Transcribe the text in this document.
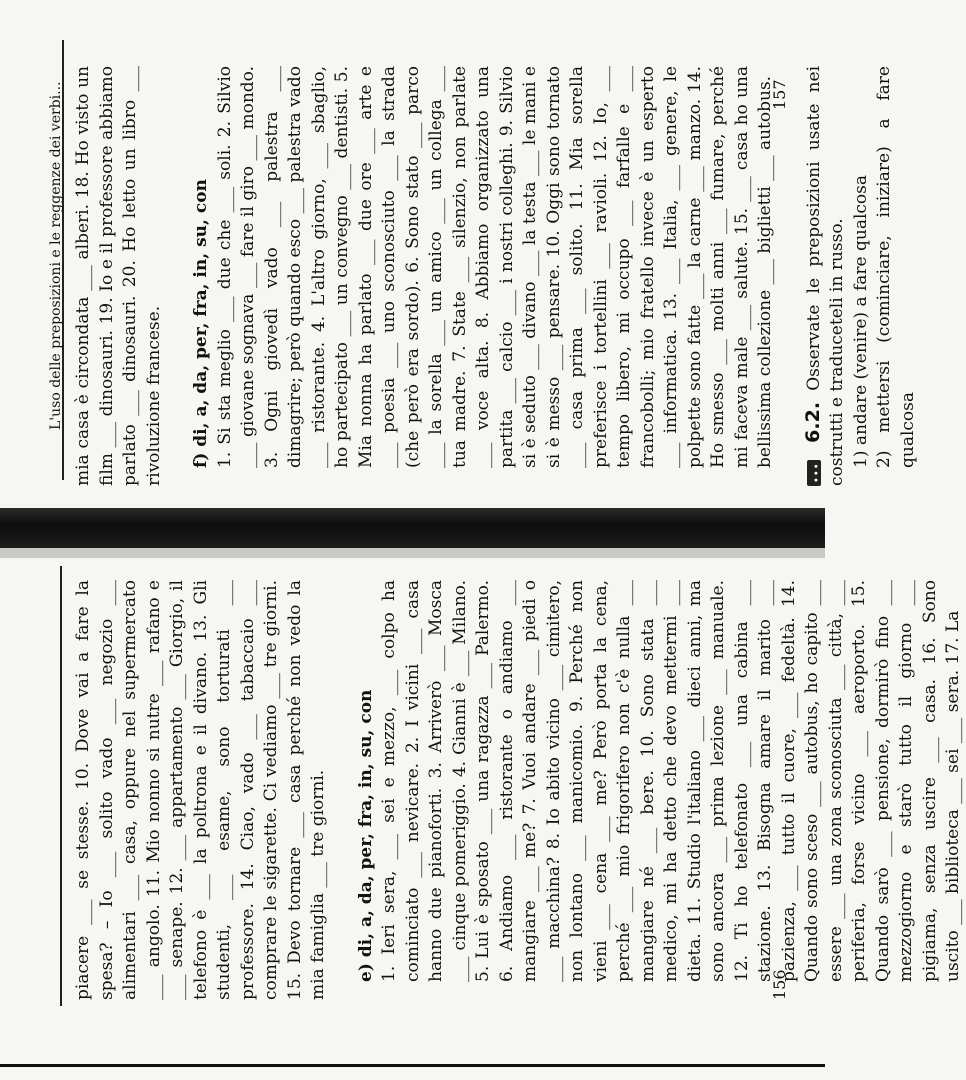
156

piacere ___ se stesse. 10. Dove vai a fare la spesa? – Io ___ solito vado ___ negozio ___ alimentari ___ casa, oppure nel supermercato ___ angolo. 11. Mio nonno si nutre ___ rafano e ___ senape. 12. ___ appartamento ___ Giorgio, il telefono è ___ la poltrona e il divano. 13. Gli studenti, ___ esame, sono torturati ___ professore. 14. Ciao, vado ___ tabaccaio ___ comprare le sigarette. Ci vediamo ___ tre giorni. 15. Devo tornare ___ casa perché non vedo la mia famiglia ___ tre giorni. e) di, a, da, per, fra, in, su, con 1. Ieri sera, ___ sei e mezzo, ___ colpo ha cominciato ___ nevicare. 2. I vicini ___ casa hanno due pianoforti. 3. Arriverò ___ Mosca ___ cinque pomeriggio. 4. Gianni è ___ Milano. 5. Lui è sposato ___ una ragazza ___ Palermo. 6. Andiamo ___ ristorante o andiamo ___ mangiare ___ me? 7. Vuoi andare ___ piedi o ___ macchina? 8. Io abito vicino ___ cimitero, non lontano ___ manicomio. 9. Perché non vieni ___ cena ___ me? Però porta la cena, perché ___ mio frigorifero non c'è nulla ___ mangiare né ___ bere. 10. Sono stata ___ medico, mi ha detto che devo mettermi ___ dieta. 11. Studio l'italiano ___ dieci anni, ma sono ancora ___ prima lezione ___ manuale. 12. Ti ho telefonato ___ una cabina ___ stazione. 13. Bisogna amare il marito ___ pazienza, ___ tutto il cuore, ___ fedeltà. 14. Quando sono sceso ___ autobus, ho capito ___ essere ___ una zona sconosciuta ___ città, ___ periferia, forse vicino ___ aeroporto. 15. Quando sarò ___ pensione, dormirò fino ___ mezzogiorno e starò tutto il giorno ___ pigiama, senza uscire ___ casa. 16. Sono uscito ___ biblioteca ___ sei ___ sera. 17. La

L'uso delle preposizioni e le reggenze dei verbi...	157

mia casa è circondata ___ alberi. 18. Ho visto un film ___ dinosauri. 19. Io e il professore abbiamo parlato ___ dinosauri. 20. Ho letto un libro ___ rivoluzione francese. f) di, a, da, per, fra, in, su, con 1. Si sta meglio ___ due che ___ soli. 2. Silvio ___ giovane sognava ___ fare il giro ___ mondo. 3. Ogni giovedì vado ___ palestra ___ dimagrire; però quando esco ___ palestra vado ___ ristorante. 4. L'altro giorno, ___ sbaglio, ho partecipato ___ un convegno ___ dentisti. 5. Mia nonna ha parlato ___ due ore ___ arte e ___ poesia ___ uno sconosciuto ___ la strada (che però era sordo). 6. Sono stato ___ parco ___ la sorella ___ un amico ___ un collega ___ tua madre. 7. State ___ silenzio, non parlate ___ voce alta. 8. Abbiamo organizzato una partita ___ calcio ___ i nostri colleghi. 9. Silvio si è seduto ___ divano ___ la testa ___ le mani e si è messo ___ pensare. 10. Oggi sono tornato ___ casa prima ___ solito. 11. Mia sorella preferisce i tortellini ___ ravioli. 12. Io, ___ tempo libero, mi occupo ___ farfalle e ___ francobolli; mio fratello invece è un esperto ___ informatica. 13. ___ Italia, ___ genere, le polpette sono fatte ___ la carne ___ manzo. 14. Ho smesso ___ molti anni ___ fumare, perché mi faceva male ___ salute. 15. ___ casa ho una bellissima collezione ___ biglietti ___ autobus.

••• 6.2. Osservate le preposizioni usate nei costrutti e traducetelі in russo. 1) andare (venire) a fare qualcosa 2) mettersi (cominciare, iniziare) a fare qualcosa
